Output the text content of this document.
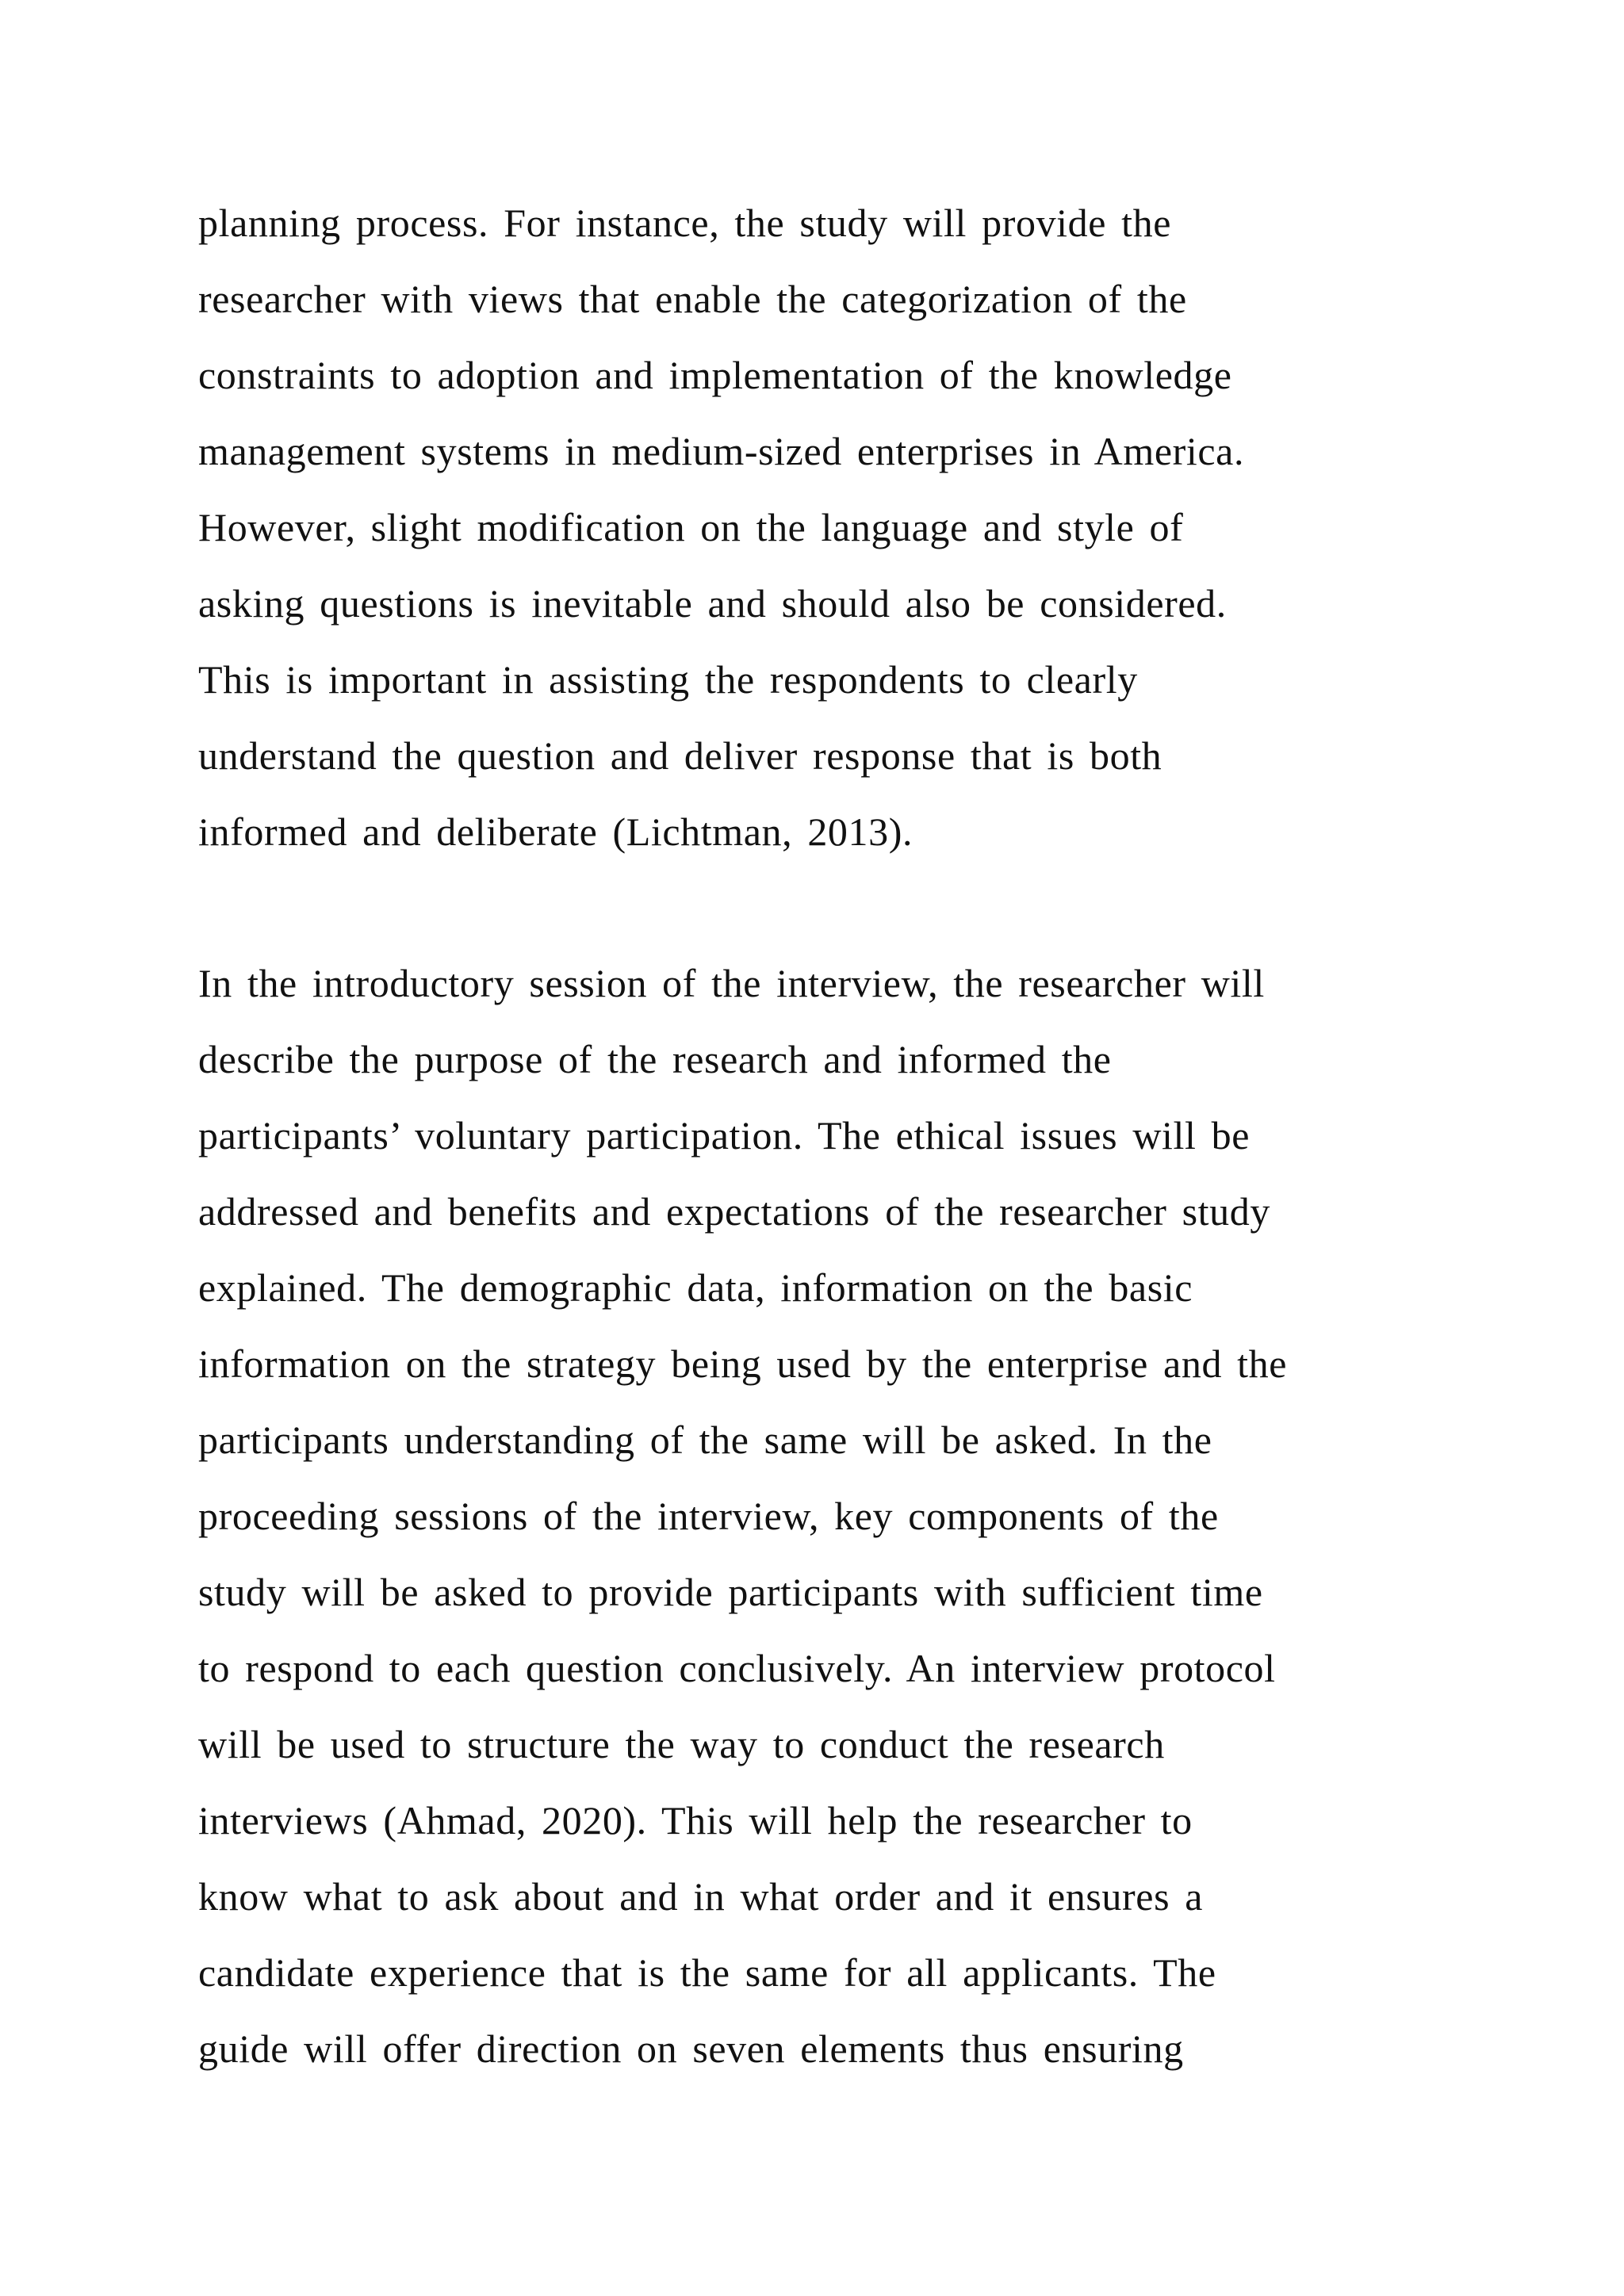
planning process. For instance, the study will provide the
researcher with views that enable the categorization of the
constraints to adoption and implementation of the knowledge
management systems in medium-sized enterprises in America.
However, slight modification on the language and style of
asking questions is inevitable and should also be considered.
This is important in assisting the respondents to clearly
understand the question and deliver response that is both
informed and deliberate (Lichtman, 2013).
In the introductory session of the interview, the researcher will
describe the purpose of the research and informed the
participants’ voluntary participation. The ethical issues will be
addressed and benefits and expectations of the researcher study
explained. The demographic data, information on the basic
information on the strategy being used by the enterprise and the
participants understanding of the same will be asked. In the
proceeding sessions of the interview, key components of the
study will be asked to provide participants with sufficient time
to respond to each question conclusively. An interview protocol
will be used to structure the way to conduct the research
interviews (Ahmad, 2020). This will help the researcher to
know what to ask about and in what order and it ensures a
candidate experience that is the same for all applicants. The
guide will offer direction on seven elements thus ensuring
